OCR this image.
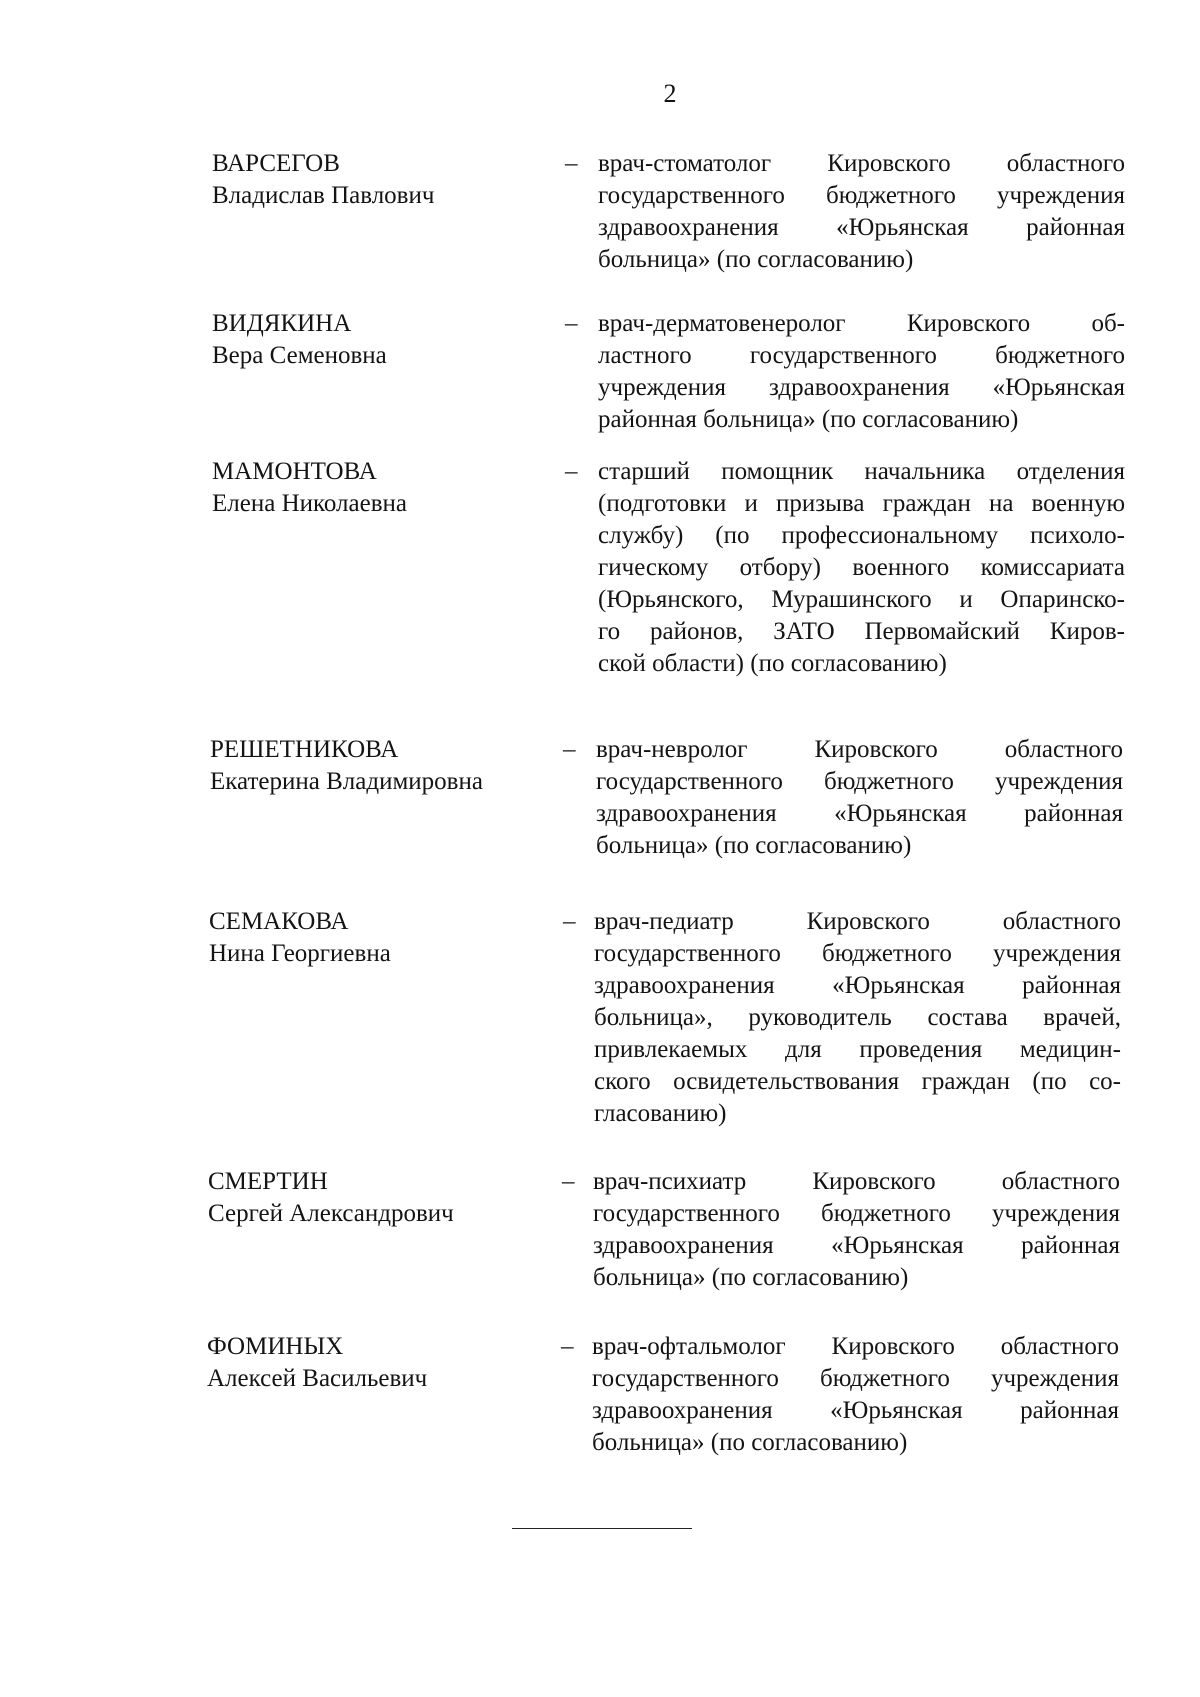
2
ВАРСЕГОВ
Владислав Павлович
– врач-стоматолог Кировского областного
государственного бюджетного учреждения
здравоохранения «Юрьянская районная
больница» (по согласованию)
ВИДЯКИНА
Вера Семеновна
– врач-дерматовенеролог Кировского об-
ластного государственного бюджетного
учреждения здравоохранения «Юрьянская
районная больница» (по согласованию)
МАМОНТОВА
Елена Николаевна
– старший помощник начальника отделения
(подготовки и призыва граждан на военную
службу) (по профессиональному психоло-
гическому отбору) военного комиссариата
(Юрьянского, Мурашинского и Опаринско-
го районов, ЗАТО Первомайский Киров-
ской области) (по согласованию)
РЕШЕТНИКОВА
Екатерина Владимировна
– врач-невролог Кировского областного
государственного бюджетного учреждения
здравоохранения «Юрьянская районная
больница» (по согласованию)
СЕМАКОВА
Нина Георгиевна
– врач-педиатр Кировского областного
государственного бюджетного учреждения
здравоохранения «Юрьянская районная
больница», руководитель состава врачей,
привлекаемых для проведения медицин-
ского освидетельствования граждан (по со-
гласованию)
СМЕРТИН
Сергей Александрович
– врач-психиатр Кировского областного
государственного бюджетного учреждения
здравоохранения «Юрьянская районная
больница» (по согласованию)
ФОМИНЫХ
Алексей Васильевич
– врач-офтальмолог Кировского областного
государственного бюджетного учреждения
здравоохранения «Юрьянская районная
больница» (по согласованию)
